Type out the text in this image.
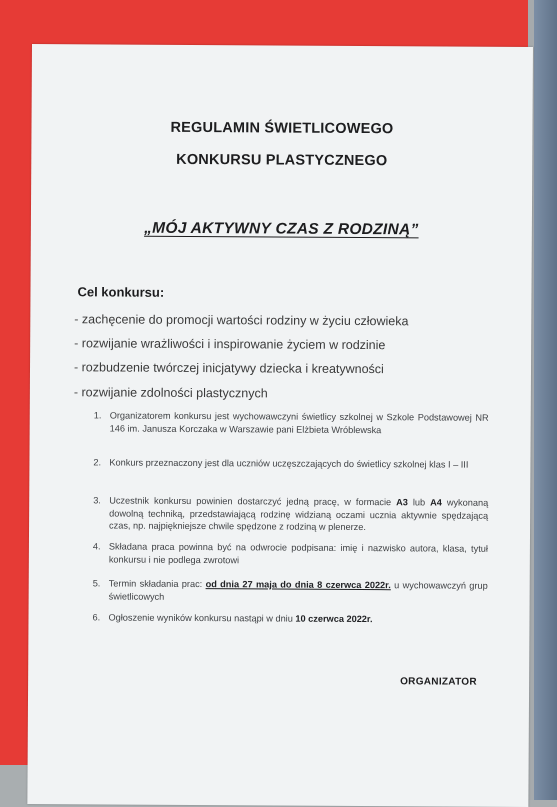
REGULAMIN ŚWIETLICOWEGO
KONKURSU PLASTYCZNEGO
„MÓJ AKTYWNY CZAS Z RODZINĄ”
Cel konkursu:
- zachęcenie do promocji wartości rodziny w życiu człowieka
- rozwijanie wrażliwości i inspirowanie życiem w rodzinie
- rozbudzenie twórczej inicjatywy dziecka i kreatywności
- rozwijanie zdolności plastycznych
1. Organizatorem konkursu jest wychowawczyni świetlicy szkolnej w Szkole Podstawowej NR 146 im. Janusza Korczaka w Warszawie pani Elżbieta Wróblewska
2. Konkurs przeznaczony jest dla uczniów uczęszczających do świetlicy szkolnej klas I – III
3. Uczestnik konkursu powinien dostarczyć jedną pracę, w formacie A3 lub A4 wykonaną dowolną techniką, przedstawiającą rodzinę widzianą oczami ucznia aktywnie spędzającą czas, np. najpiękniejsze chwile spędzone z rodziną w plenerze.
4. Składana praca powinna być na odwrocie podpisana: imię i nazwisko autora, klasa, tytuł konkursu i nie podlega zwrotowi
5. Termin składania prac: od dnia 27 maja do dnia 8 czerwca 2022r. u wychowawczyń grup świetlicowych
6. Ogłoszenie wyników konkursu nastąpi w dniu 10 czerwca 2022r.
ORGANIZATOR
